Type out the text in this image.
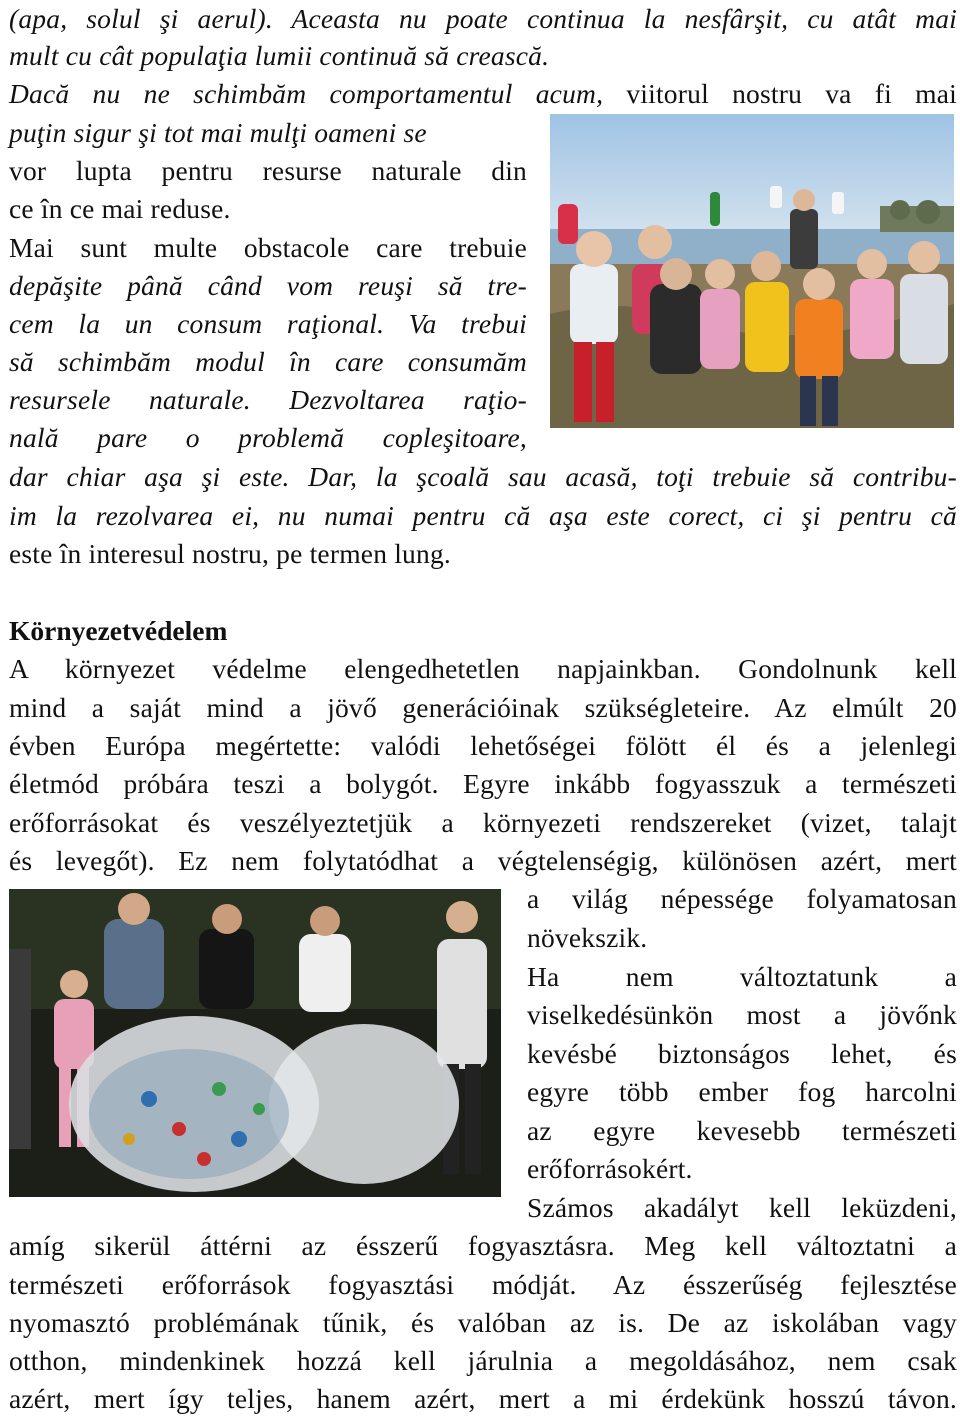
(apa, solul şi aerul). Aceasta nu poate continua la nesfârşit, cu atât mai
mult cu cât populaţia lumii continuă să crească.
Dacă nu ne schimbăm comportamentul acum, viitorul nostru va fi mai
puţin sigur şi tot mai mulţi oameni se
vor lupta pentru resurse naturale din
ce în ce mai reduse.
Mai sunt multe obstacole care trebuie
depăşite până când vom reuşi să tre-
cem la un consum raţional. Va trebui
să schimbăm modul în care consumăm
resursele naturale. Dezvoltarea raţio-
nală pare o problemă copleşitoare,
dar chiar aşa şi este. Dar, la şcoală sau acasă, toţi trebuie să contribu-
im la rezolvarea ei, nu numai pentru că aşa este corect, ci şi pentru că
este în interesul nostru, pe termen lung.
Környezetvédelem
A környezet védelme elengedhetetlen napjainkban. Gondolnunk kell
mind a saját mind a jövő generációinak szükségleteire. Az elmúlt 20
évben Európa megértette: valódi lehetőségei fölött él és a jelenlegi
életmód próbára teszi a bolygót. Egyre inkább fogyasszuk a természeti
erőforrásokat és veszélyeztetjük a környezeti rendszereket (vizet, talajt
és levegőt). Ez nem folytatódhat a végtelenségig, különösen azért, mert
a világ népessége folyamatosan
növekszik.
Ha nem változtatunk a
viselkedésünkön most a jövőnk
kevésbé biztonságos lehet, és
egyre több ember fog harcolni
az egyre kevesebb természeti
erőforrásokért.
Számos akadályt kell leküzdeni,
amíg sikerül áttérni az ésszerű fogyasztásra. Meg kell változtatni a
természeti erőforrások fogyasztási módját. Az ésszerűség fejlesztése
nyomasztó problémának tűnik, és valóban az is. De az iskolában vagy
otthon, mindenkinek hozzá kell járulnia a megoldásához, nem csak
azért, mert így teljes, hanem azért, mert a mi érdekünk hosszú távon.
